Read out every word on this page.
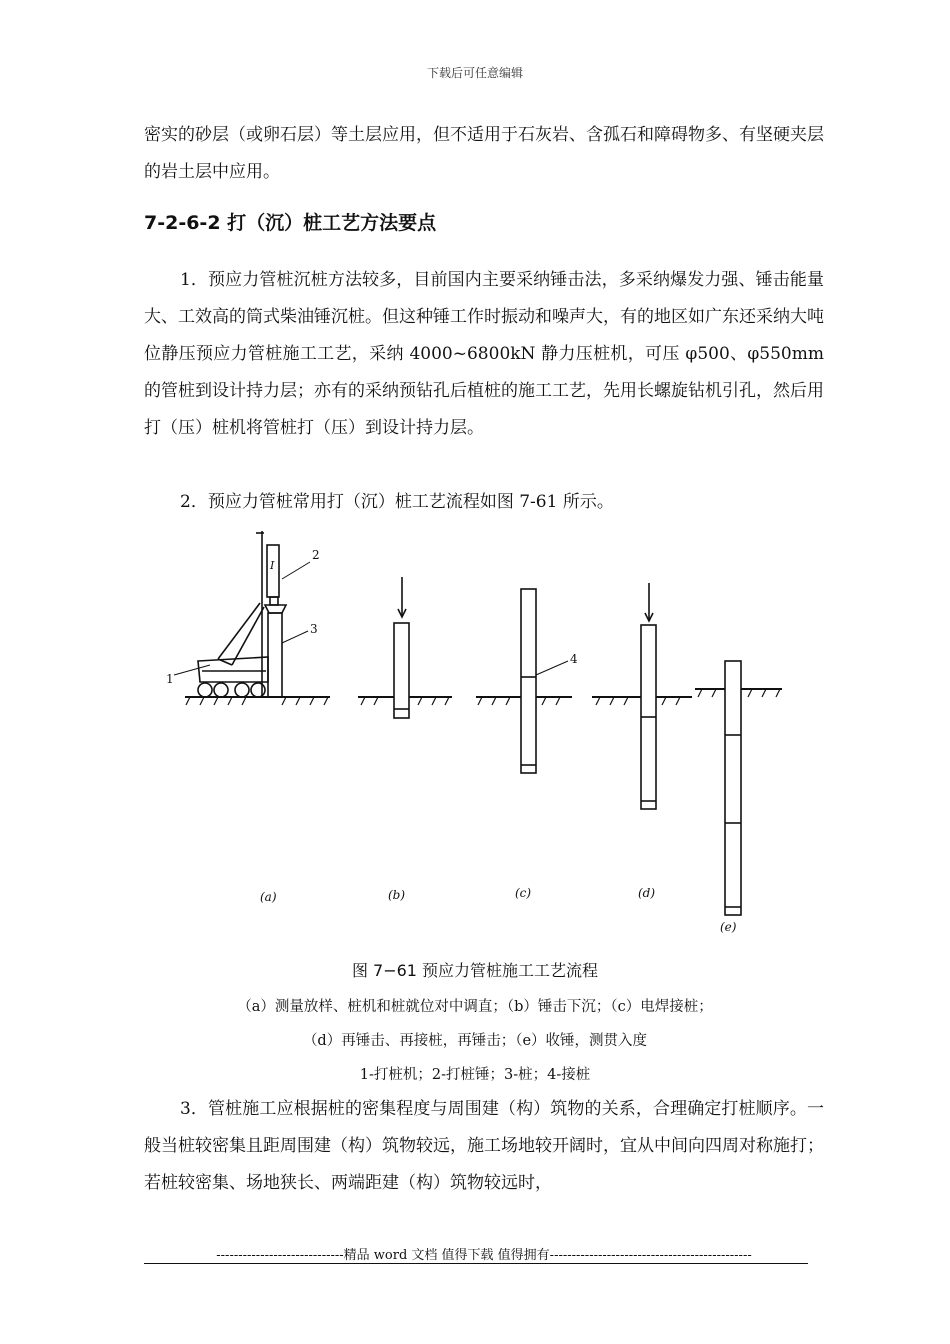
下载后可任意编辑

密实的砂层（或卵石层）等土层应用，但不适用于石灰岩、含孤石和障碍物多、有坚硬夹层的岩土层中应用。

7-2-6-2 打（沉）桩工艺方法要点

1．预应力管桩沉桩方法较多，目前国内主要采纳锤击法，多采纳爆发力强、锤击能量大、工效高的筒式柴油锤沉桩。但这种锤工作时振动和噪声大，有的地区如广东还采纳大吨位静压预应力管桩施工工艺，采纳 4000~6800kN 静力压桩机，可压 φ500、φ550mm 的管桩到设计持力层；亦有的采纳预钻孔后植桩的施工工艺，先用长螺旋钻机引孔，然后用打（压）桩机将管桩打（压）到设计持力层。

2．预应力管桩常用打（沉）桩工艺流程如图 7-61 所示。

1
2
3
4
I
(a)	(b)	(c)	(d)
(e)
图 7−61 预应力管桩施工工艺流程
（a）测量放样、桩机和桩就位对中调直；（b）锤击下沉；（c）电焊接桩；
（d）再锤击、再接桩，再锤击；（e）收锤，测贯入度
1-打桩机；2-打桩锤；3-桩；4-接桩

3．管桩施工应根据桩的密集程度与周围建（构）筑物的关系，合理确定打桩顺序。一般当桩较密集且距周围建（构）筑物较远，施工场地较开阔时，宜从中间向四周对称施打；若桩较密集、场地狭长、两端距建（构）筑物较远时，

-----------------------------精品 word 文档 值得下载 值得拥有----------------------------------------------
